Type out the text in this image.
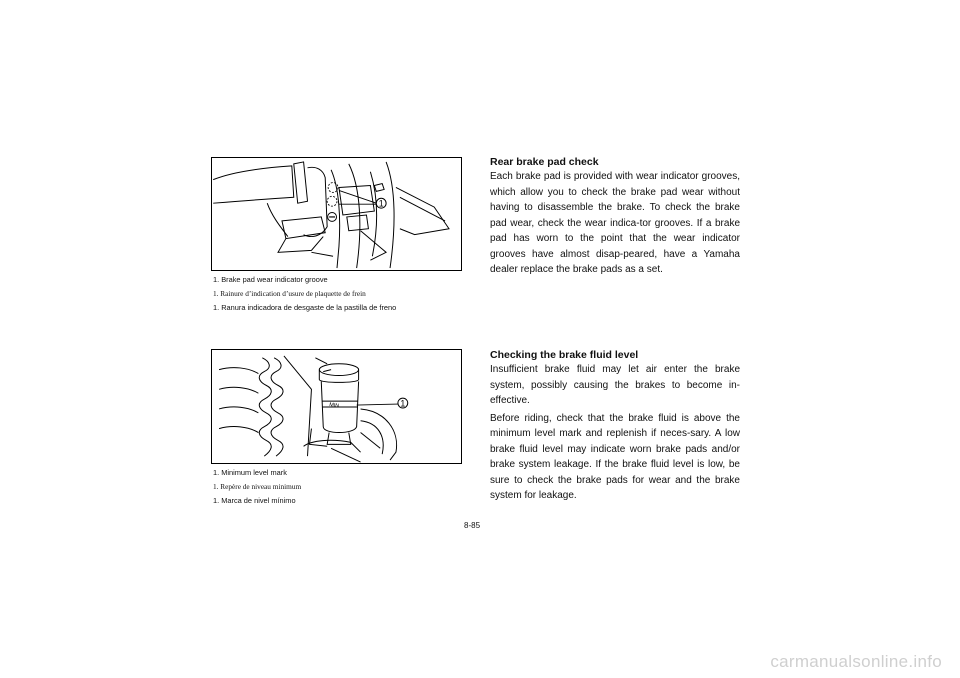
1
1. Brake pad wear indicator groove
1. Rainure d’indication d’usure de plaquette de frein
1. Ranura indicadora de desgaste de la pastilla de freno
MIN	1
1. Minimum level mark
1. Repère de niveau minimum
1. Marca de nivel mínimo
Rear brake pad check

Each brake pad is provided with wear indicator grooves, which allow you to check the brake pad wear without having to disassemble the brake. To check the brake pad wear, check the wear indica-tor grooves. If a brake pad has worn to the point that the wear indicator grooves have almost disap-peared, have a Yamaha dealer replace the brake pads as a set.

Checking the brake fluid level

Insufficient brake fluid may let air enter the brake system, possibly causing the brakes to become in-effective.

Before riding, check that the brake fluid is above the minimum level mark and replenish if neces-sary. A low brake fluid level may indicate worn brake pads and/or brake system leakage. If the brake fluid level is low, be sure to check the brake pads for wear and the brake system for leakage.

8-85
carmanualsonline.info
